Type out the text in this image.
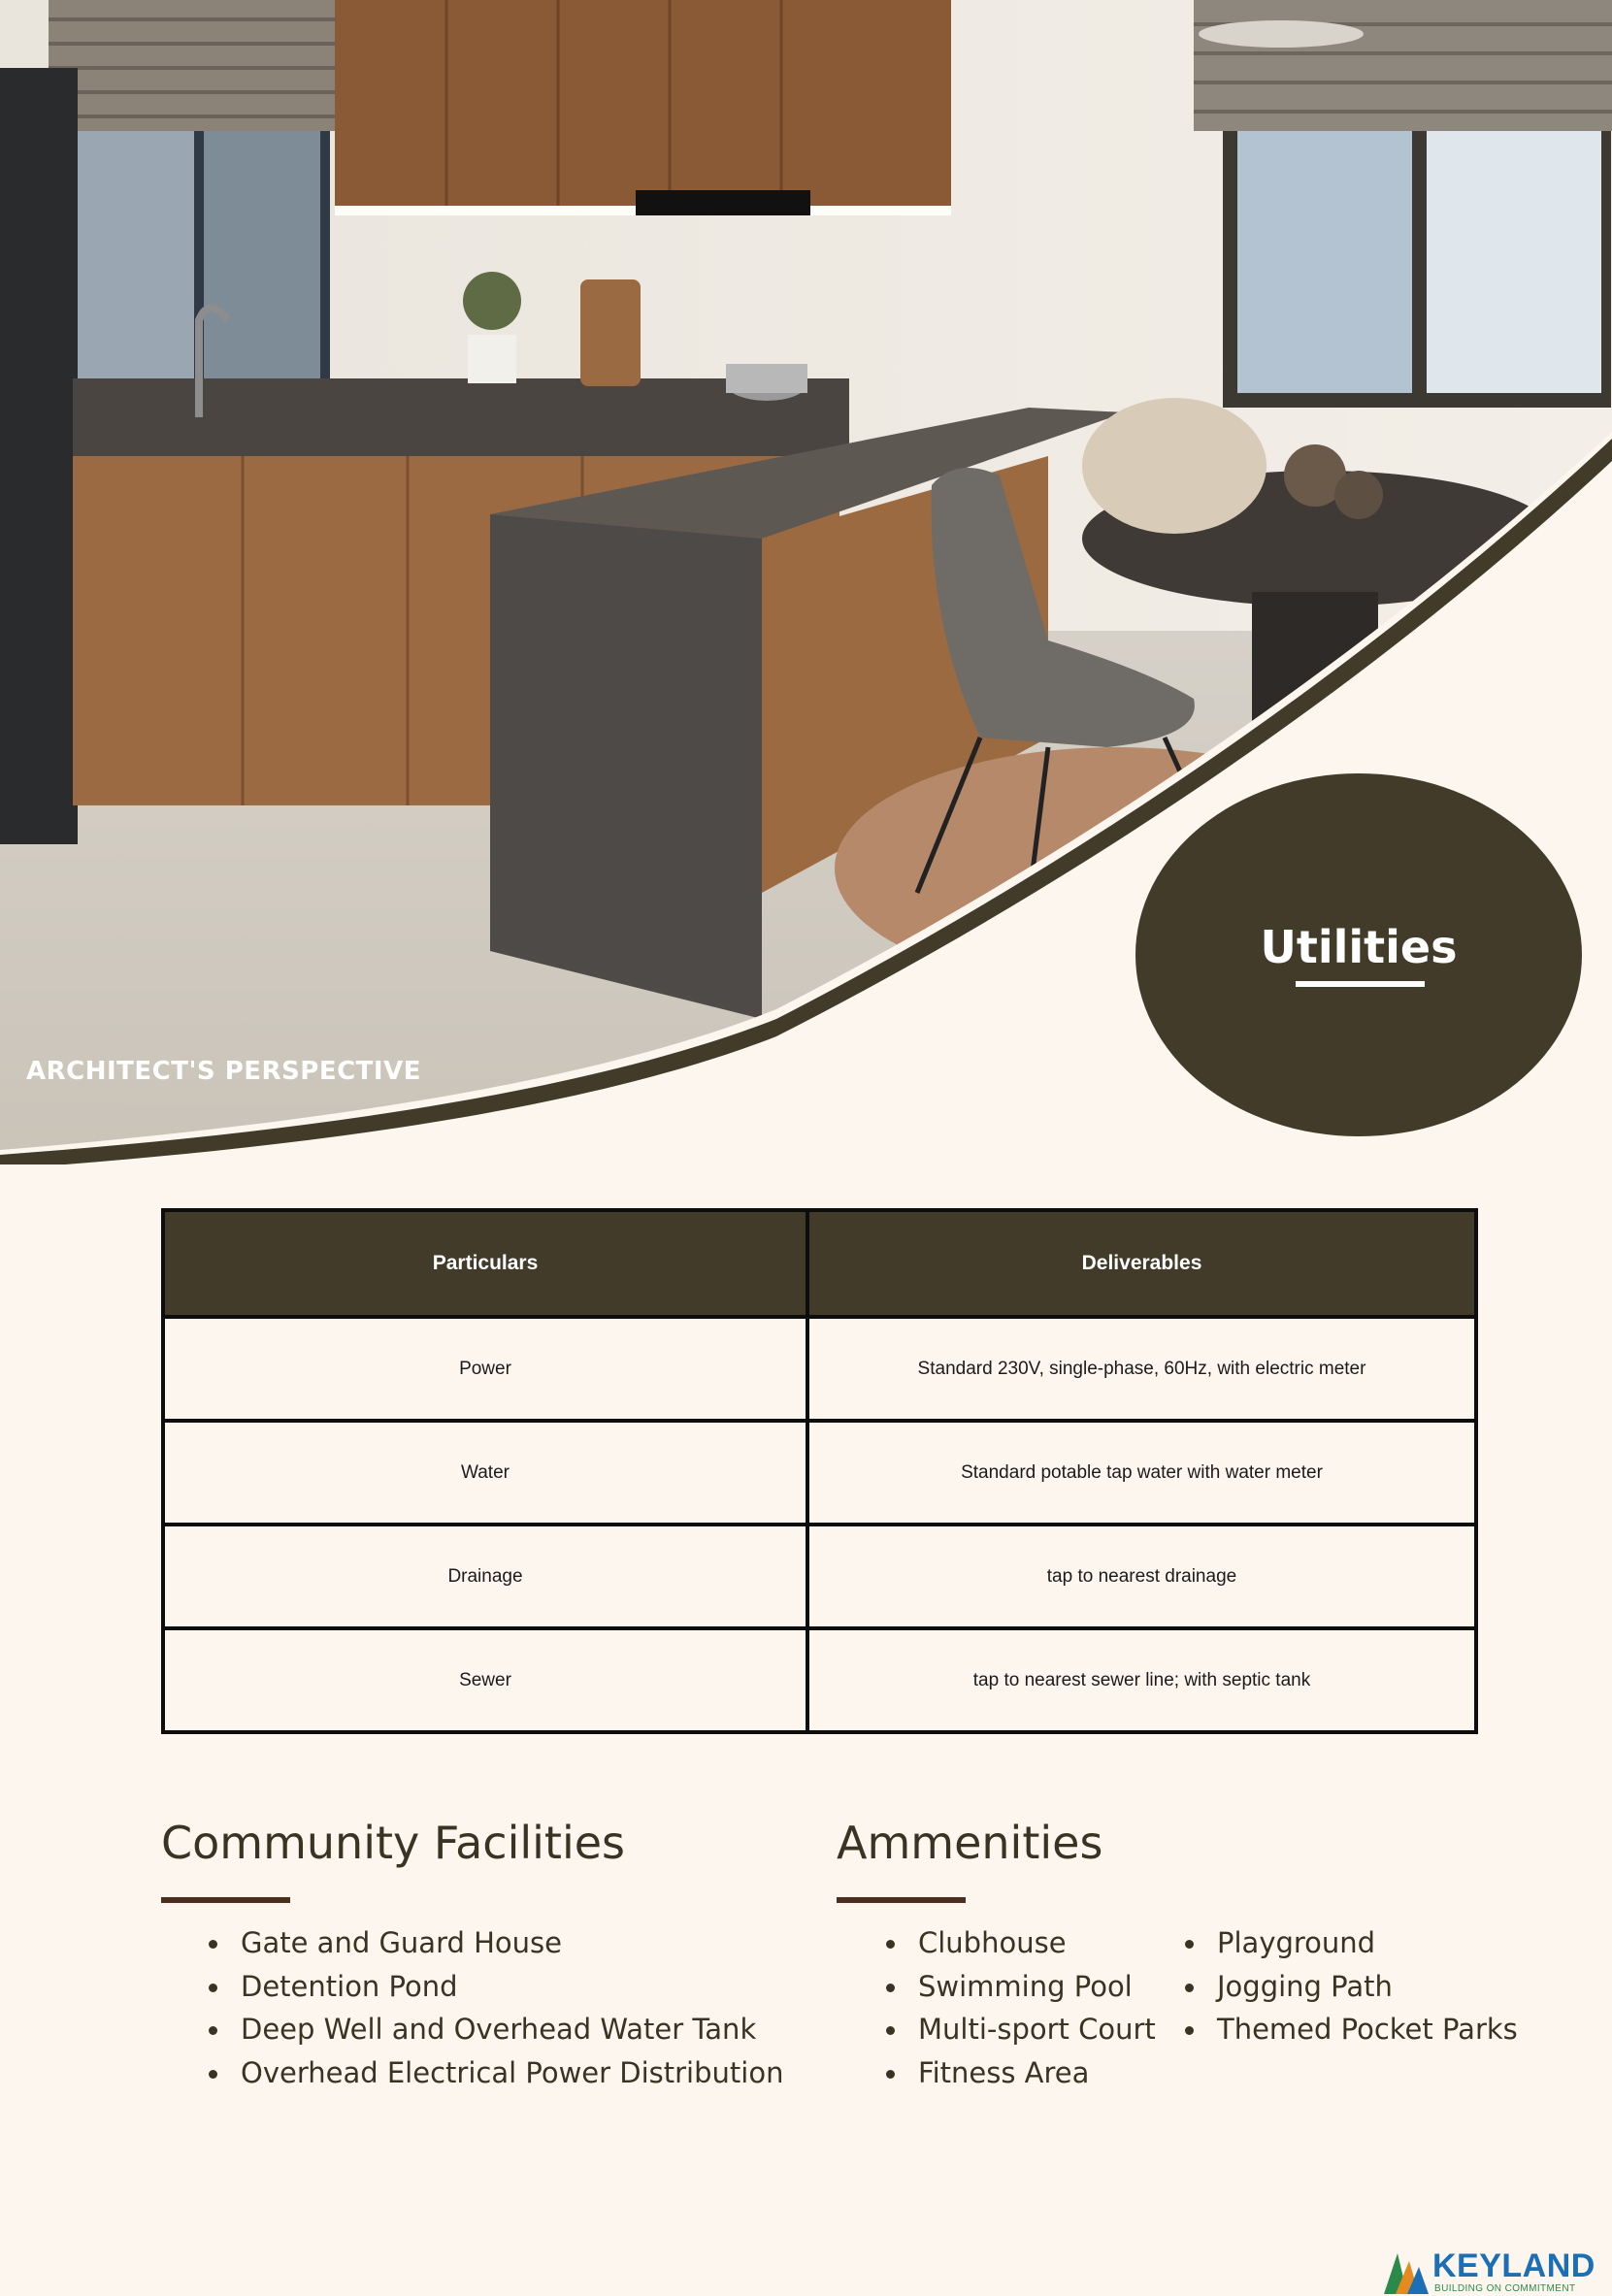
ARCHITECT'S PERSPECTIVE
Utilities
Particulars	Deliverables
Power	Standard 230V, single-phase, 60Hz, with electric meter
Water	Standard potable tap water with water meter
Drainage	tap to nearest drainage
Sewer	tap to nearest sewer line; with septic tank
Community Facilities
Gate and Guard House
Detention Pond
Deep Well and Overhead Water Tank
Overhead Electrical Power Distribution
Ammenities
Clubhouse
Swimming Pool
Multi-sport Court
Fitness Area
Playground
Jogging Path
Themed Pocket Parks
KEYLAND
BUILDING ON COMMITMENT
